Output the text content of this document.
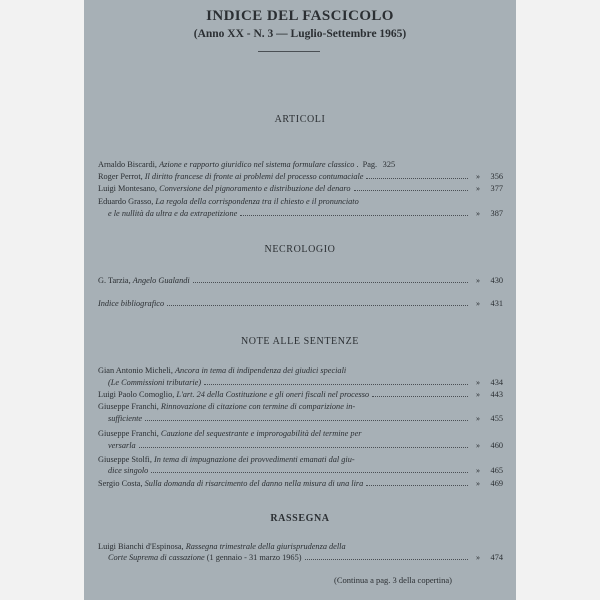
INDICE DEL FASCICOLO
(Anno XX - N. 3 — Luglio-Settembre 1965)
ARTICOLI
Arnaldo Biscardi, Azione e rapporto giuridico nel sistema formulare classico . Pag. 325
Roger Perrot, Il diritto francese di fronte ai problemi del processo contumaciale	»	356
Luigi Montesano, Conversione del pignoramento e distribuzione del denaro	»	377
Eduardo Grasso, La regola della corrispondenza tra il chiesto e il pronunciato
e le nullità da ultra e da extrapetizione	»	387
NECROLOGIO
G. Tarzia, Angelo Gualandi	»	430
Indice bibliografico	»	431
NOTE ALLE SENTENZE
Gian Antonio Micheli, Ancora in tema di indipendenza dei giudici speciali
(Le Commissioni tributarie)	»	434
Luigi Paolo Comoglio, L'art. 24 della Costituzione e gli oneri fiscali nel processo	»	443
Giuseppe Franchi, Rinnovazione di citazione con termine di comparizione in-
sufficiente	»	455
Giuseppe Franchi, Cauzione del sequestrante e improrogabilità del termine per
versarla	»	460
Giuseppe Stolfi, In tema di impugnazione dei provvedimenti emanati dal giu-
dice singolo	»	465
Sergio Costa, Sulla domanda di risarcimento del danno nella misura di una lira	»	469
RASSEGNA
Luigi Bianchi d'Espinosa, Rassegna trimestrale della giurisprudenza della
Corte Suprema di cassazione (1 gennaio - 31 marzo 1965)	»	474
(Continua a pag. 3 della copertina)
